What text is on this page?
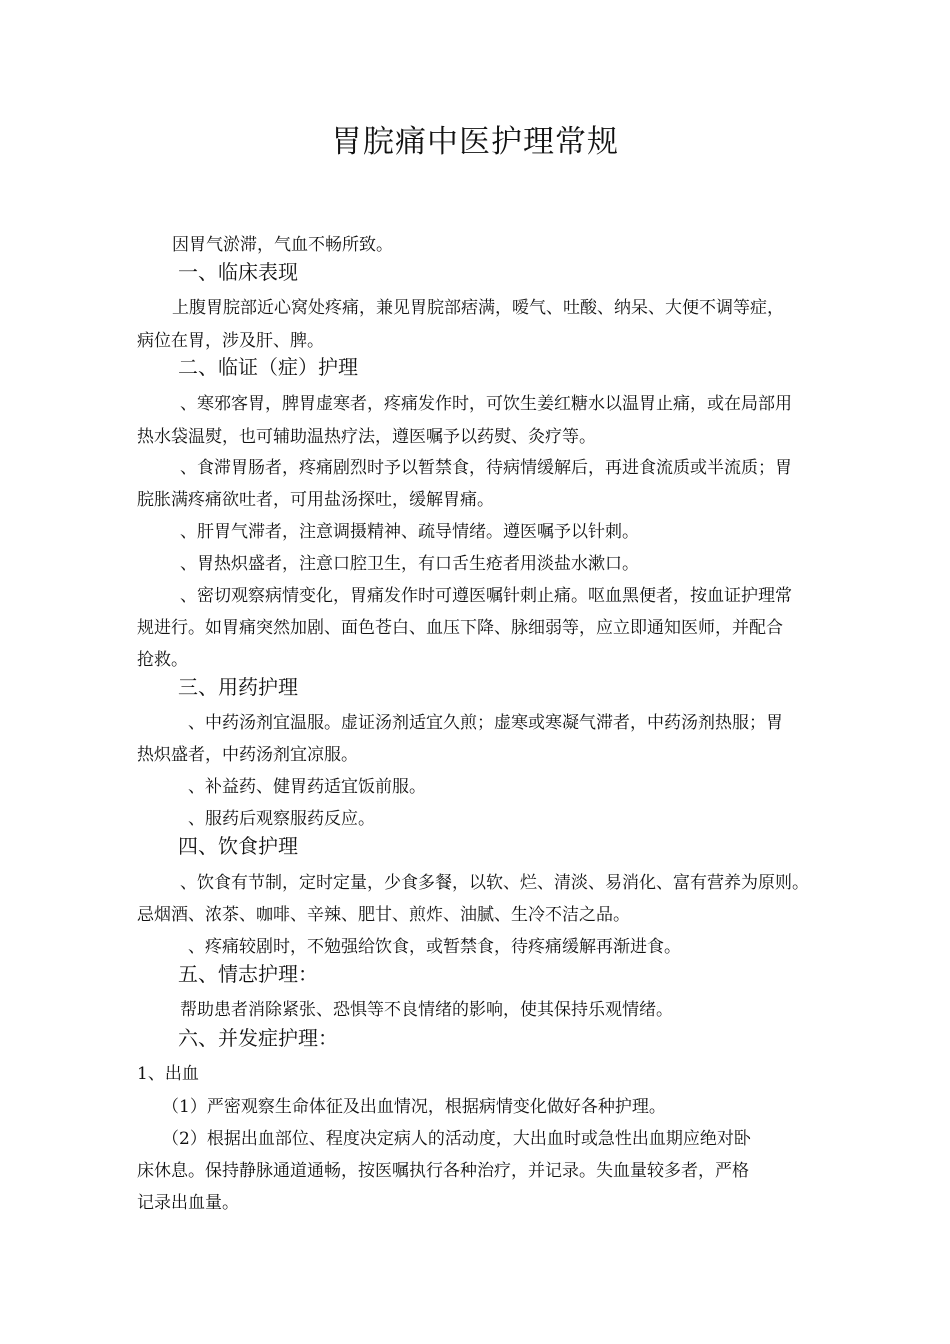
胃脘痛中医护理常规
因胃气淤滞，气血不畅所致。
一、临床表现
上腹胃脘部近心窝处疼痛，兼见胃脘部痞满，嗳气、吐酸、纳呆、大便不调等症，
病位在胃，涉及肝、脾。
二、临证（症）护理
、寒邪客胃，脾胃虚寒者，疼痛发作时，可饮生姜红糖水以温胃止痛，或在局部用
热水袋温熨，也可辅助温热疗法，遵医嘱予以药熨、灸疗等。
、食滞胃肠者，疼痛剧烈时予以暂禁食，待病情缓解后，再进食流质或半流质；胃
脘胀满疼痛欲吐者，可用盐汤探吐，缓解胃痛。
、肝胃气滞者，注意调摄精神、疏导情绪。遵医嘱予以针刺。
、胃热炽盛者，注意口腔卫生，有口舌生疮者用淡盐水漱口。
、密切观察病情变化，胃痛发作时可遵医嘱针刺止痛。呕血黑便者，按血证护理常
规进行。如胃痛突然加剧、面色苍白、血压下降、脉细弱等，应立即通知医师，并配合
抢救。
三、用药护理
、中药汤剂宜温服。虚证汤剂适宜久煎；虚寒或寒凝气滞者，中药汤剂热服；胃
热炽盛者，中药汤剂宜凉服。
、补益药、健胃药适宜饭前服。
、服药后观察服药反应。
四、饮食护理
、饮食有节制，定时定量，少食多餐，以软、烂、清淡、易消化、富有营养为原则。
忌烟酒、浓茶、咖啡、辛辣、肥甘、煎炸、油腻、生冷不洁之品。
、疼痛较剧时，不勉强给饮食，或暂禁食，待疼痛缓解再渐进食。
五、情志护理：
帮助患者消除紧张、恐惧等不良情绪的影响，使其保持乐观情绪。
六、并发症护理：
1、出血
（1）严密观察生命体征及出血情况，根据病情变化做好各种护理。
（2）根据出血部位、程度决定病人的活动度，大出血时或急性出血期应绝对卧
床休息。保持静脉通道通畅，按医嘱执行各种治疗，并记录。失血量较多者，严格
记录出血量。
